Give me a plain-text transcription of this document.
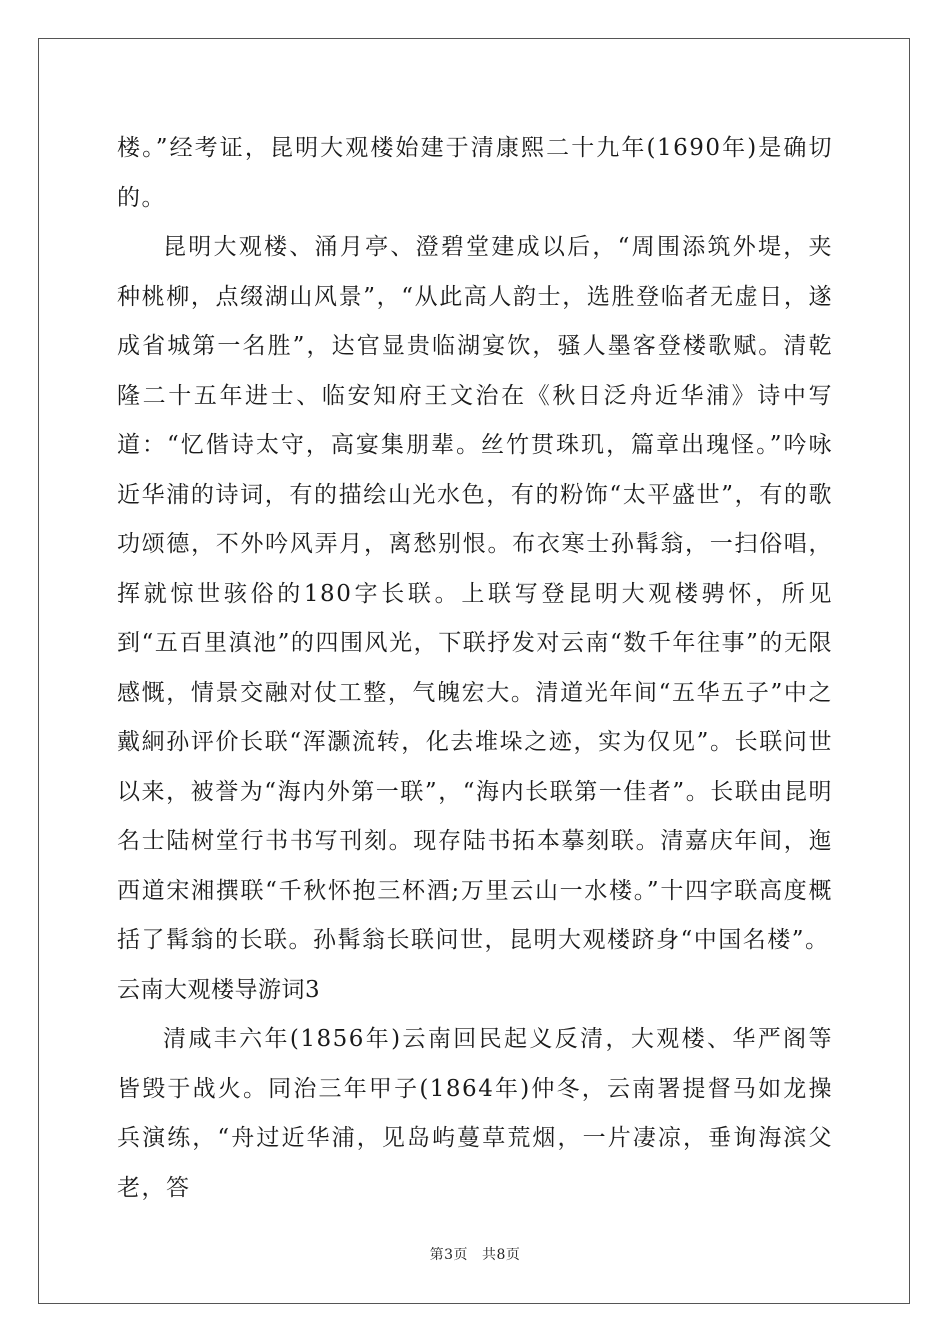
楼。”经考证，昆明大观楼始建于清康熙二十九年(1690年)是确切的。

昆明大观楼、涌月亭、澄碧堂建成以后，“周围添筑外堤，夹种桃柳，点缀湖山风景”，“从此高人韵士，选胜登临者无虚日，遂成省城第一名胜”，达官显贵临湖宴饮，骚人墨客登楼歌赋。清乾隆二十五年进士、临安知府王文治在《秋日泛舟近华浦》诗中写道：“忆偕诗太守，高宴集朋辈。丝竹贯珠玑，篇章出瑰怪。”吟咏近华浦的诗词，有的描绘山光水色，有的粉饰“太平盛世”，有的歌功颂德，不外吟风弄月，离愁别恨。布衣寒士孙髯翁，一扫俗唱，挥就惊世骇俗的180字长联。上联写登昆明大观楼骋怀，所见到“五百里滇池”的四围风光，下联抒发对云南“数千年往事”的无限感慨，情景交融对仗工整，气魄宏大。清道光年间“五华五子”中之戴絅孙评价长联“浑灏流转，化去堆垛之迹，实为仅见”。长联问世以来，被誉为“海内外第一联”，“海内长联第一佳者”。长联由昆明名士陆树堂行书书写刊刻。现存陆书拓本摹刻联。清嘉庆年间，迤西道宋湘撰联“千秋怀抱三杯酒;万里云山一水楼。”十四字联高度概括了髯翁的长联。孙髯翁长联问世，昆明大观楼跻身“中国名楼”。

云南大观楼导游词3

清咸丰六年(1856年)云南回民起义反清，大观楼、华严阁等皆毁于战火。同治三年甲子(1864年)仲冬，云南署提督马如龙操兵演练，“舟过近华浦，见岛屿蔓草荒烟，一片凄凉，垂询海滨父老，答

第3页 共8页
